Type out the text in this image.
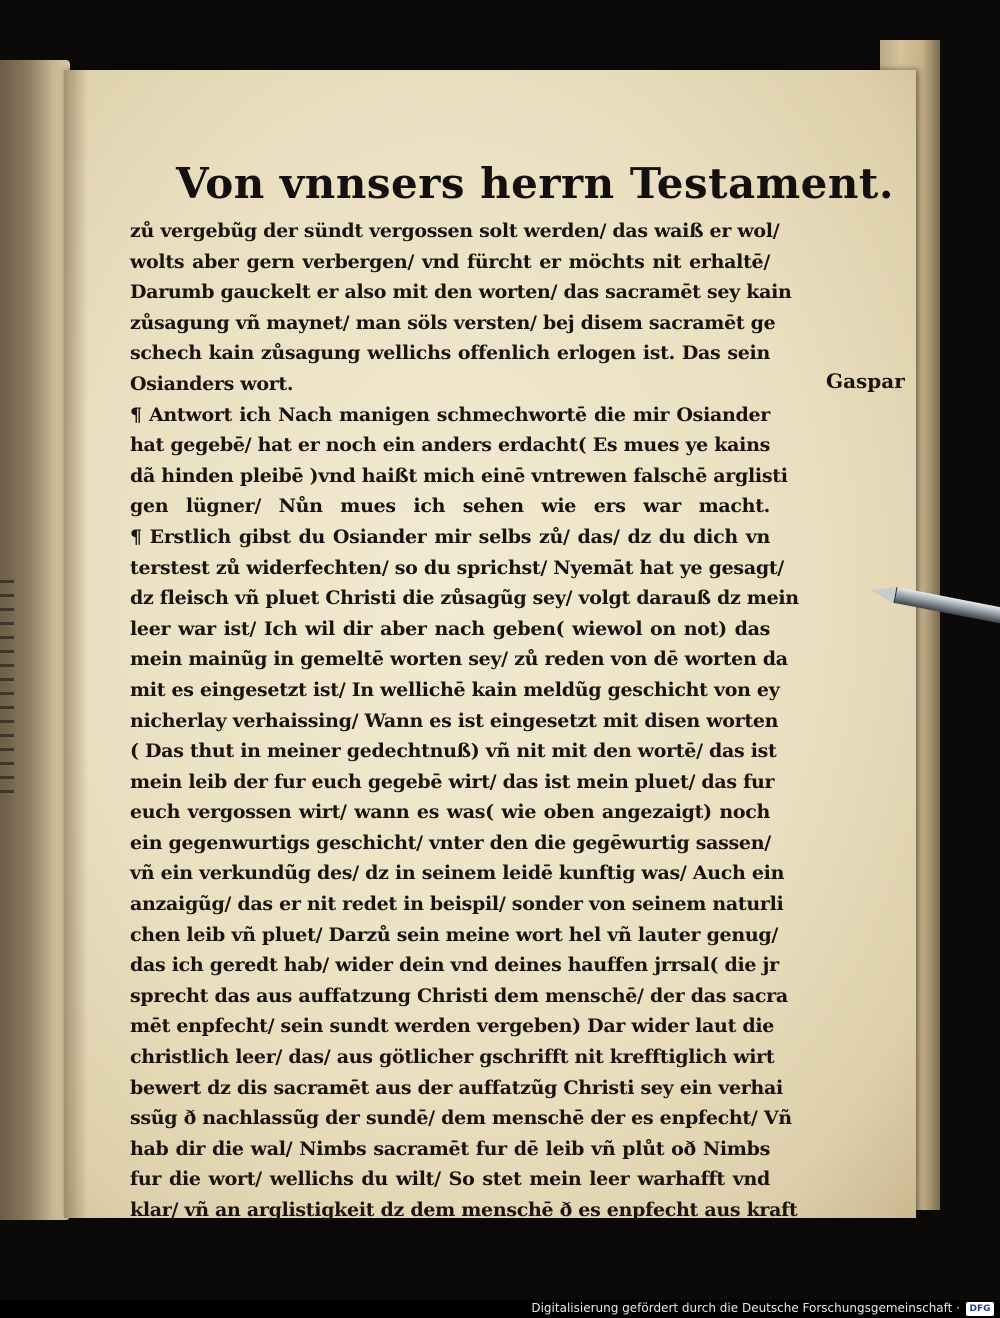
Von vnnsers herrn Testament.
zů vergebũg der sündt vergossen solt werden/ das waiß er wol/
wolts aber gern verbergen/ vnd fürcht er möchts nit erhaltē/
Darumb gauckelt er also mit den worten/ das sacramēt sey kain
zůsagung vñ maynet/ man söls versten/ bej disem sacramēt ge
schech kain zůsagung wellichs offenlich erlogen ist. Das sein
Osianders wort.
¶ Antwort ich Nach manigen schmechwortē die mir Osiander
hat gegebē/ hat er noch ein anders erdacht( Es mues ye kains
dã hinden pleibē )vnd haißt mich einē vntrewen falschē arglisti
gen lügner/ Nůn mues ich sehen wie ers war macht.
¶ Erstlich gibst du Osiander mir selbs zů/ das/ dz du dich vn
terstest zů widerfechten/ so du sprichst/ Nyemāt hat ye gesagt/
dz fleisch vñ pluet Christi die zůsagũg sey/ volgt darauß dz mein
leer war ist/ Ich wil dir aber nach geben( wiewol on not) das
mein mainũg in gemeltē worten sey/ zů reden von dē worten da
mit es eingesetzt ist/ In wellichē kain meldũg geschicht von ey
nicherlay verhaissing/ Wann es ist eingesetzt mit disen worten
( Das thut in meiner gedechtnuß) vñ nit mit den wortē/ das ist
mein leib der fur euch gegebē wirt/ das ist mein pluet/ das fur
euch vergossen wirt/ wann es was( wie oben angezaigt) noch
ein gegenwurtigs geschicht/ vnter den die gegēwurtig sassen/
vñ ein verkundũg des/ dz in seinem leidē kunftig was/ Auch ein
anzaigũg/ das er nit redet in beispil/ sonder von seinem naturli
chen leib vñ pluet/ Darzů sein meine wort hel vñ lauter genug/
das ich geredt hab/ wider dein vnd deines hauffen jrrsal( die jr
sprecht das aus auffatzung Christi dem menschē/ der das sacra
mēt enpfecht/ sein sundt werden vergeben) Dar wider laut die
christlich leer/ das/ aus götlicher gschrifft nit krefftiglich wirt
bewert dz dis sacramēt aus der auffatzũg Christi sey ein verhai
ssũg ð nachlassũg der sundē/ dem menschē der es enpfecht/ Vñ
hab dir die wal/ Nimbs sacramēt fur dē leib vñ plůt oð Nimbs
fur die wort/ wellichs du wilt/ So stet mein leer warhafft vnd
klar/ vñ an arglistigkeit dz dem menschē ð es enpfecht aus kraft
Gaspar
Digitalisierung gefördert durch die Deutsche Forschungsgemeinschaft ·	DFG
